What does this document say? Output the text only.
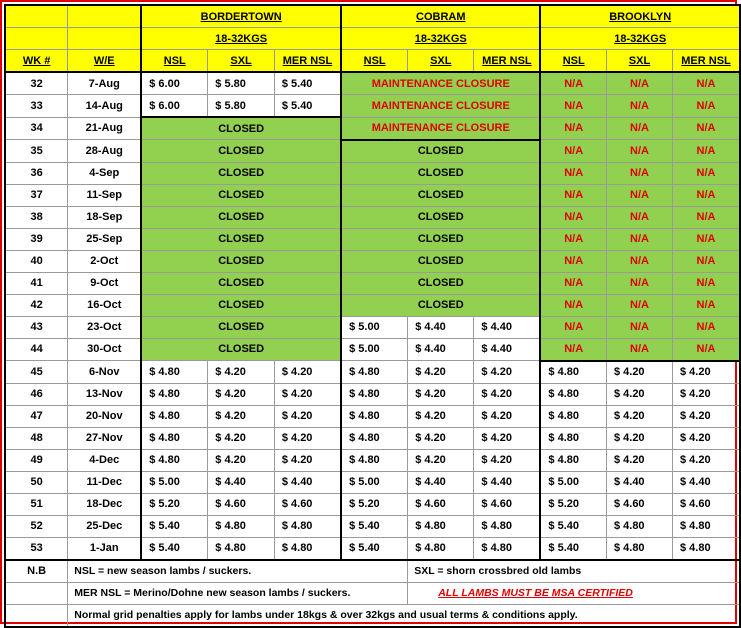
		BORDERTOWN			COBRAM			BROOKLYN		
		18-32KGS			18-32KGS			18-32KGS		
WK #	W/E	NSL	SXL	MER NSL	NSL	SXL	MER NSL	NSL	SXL	MER NSL
32	7-Aug	$ 6.00	$ 5.80	$ 5.40	MAINTENANCE CLOSURE			N/A	N/A	N/A
33	14-Aug	$ 6.00	$ 5.80	$ 5.40	MAINTENANCE CLOSURE			N/A	N/A	N/A
34	21-Aug	CLOSED			MAINTENANCE CLOSURE			N/A	N/A	N/A
35	28-Aug	CLOSED			CLOSED			N/A	N/A	N/A
36	4-Sep	CLOSED			CLOSED			N/A	N/A	N/A
37	11-Sep	CLOSED			CLOSED			N/A	N/A	N/A
38	18-Sep	CLOSED			CLOSED			N/A	N/A	N/A
39	25-Sep	CLOSED			CLOSED			N/A	N/A	N/A
40	2-Oct	CLOSED			CLOSED			N/A	N/A	N/A
41	9-Oct	CLOSED			CLOSED			N/A	N/A	N/A
42	16-Oct	CLOSED			CLOSED			N/A	N/A	N/A
43	23-Oct	CLOSED			$ 5.00	$ 4.40	$ 4.40	N/A	N/A	N/A
44	30-Oct	CLOSED			$ 5.00	$ 4.40	$ 4.40	N/A	N/A	N/A
45	6-Nov	$ 4.80	$ 4.20	$ 4.20	$ 4.80	$ 4.20	$ 4.20	$ 4.80	$ 4.20	$ 4.20
46	13-Nov	$ 4.80	$ 4.20	$ 4.20	$ 4.80	$ 4.20	$ 4.20	$ 4.80	$ 4.20	$ 4.20
47	20-Nov	$ 4.80	$ 4.20	$ 4.20	$ 4.80	$ 4.20	$ 4.20	$ 4.80	$ 4.20	$ 4.20
48	27-Nov	$ 4.80	$ 4.20	$ 4.20	$ 4.80	$ 4.20	$ 4.20	$ 4.80	$ 4.20	$ 4.20
49	4-Dec	$ 4.80	$ 4.20	$ 4.20	$ 4.80	$ 4.20	$ 4.20	$ 4.80	$ 4.20	$ 4.20
50	11-Dec	$ 5.00	$ 4.40	$ 4.40	$ 5.00	$ 4.40	$ 4.40	$ 5.00	$ 4.40	$ 4.40
51	18-Dec	$ 5.20	$ 4.60	$ 4.60	$ 5.20	$ 4.60	$ 4.60	$ 5.20	$ 4.60	$ 4.60
52	25-Dec	$ 5.40	$ 4.80	$ 4.80	$ 5.40	$ 4.80	$ 4.80	$ 5.40	$ 4.80	$ 4.80
53	1-Jan	$ 5.40	$ 4.80	$ 4.80	$ 5.40	$ 4.80	$ 4.80	$ 5.40	$ 4.80	$ 4.80
N.B	NSL = new season lambs / suckers.					SXL = shorn crossbred old lambs				
	MER NSL = Merino/Dohne new season lambs / suckers.					ALL LAMBS MUST BE MSA CERTIFIED				
	Normal grid penalties apply for lambs under 18kgs & over 32kgs and usual terms & conditions apply.									
